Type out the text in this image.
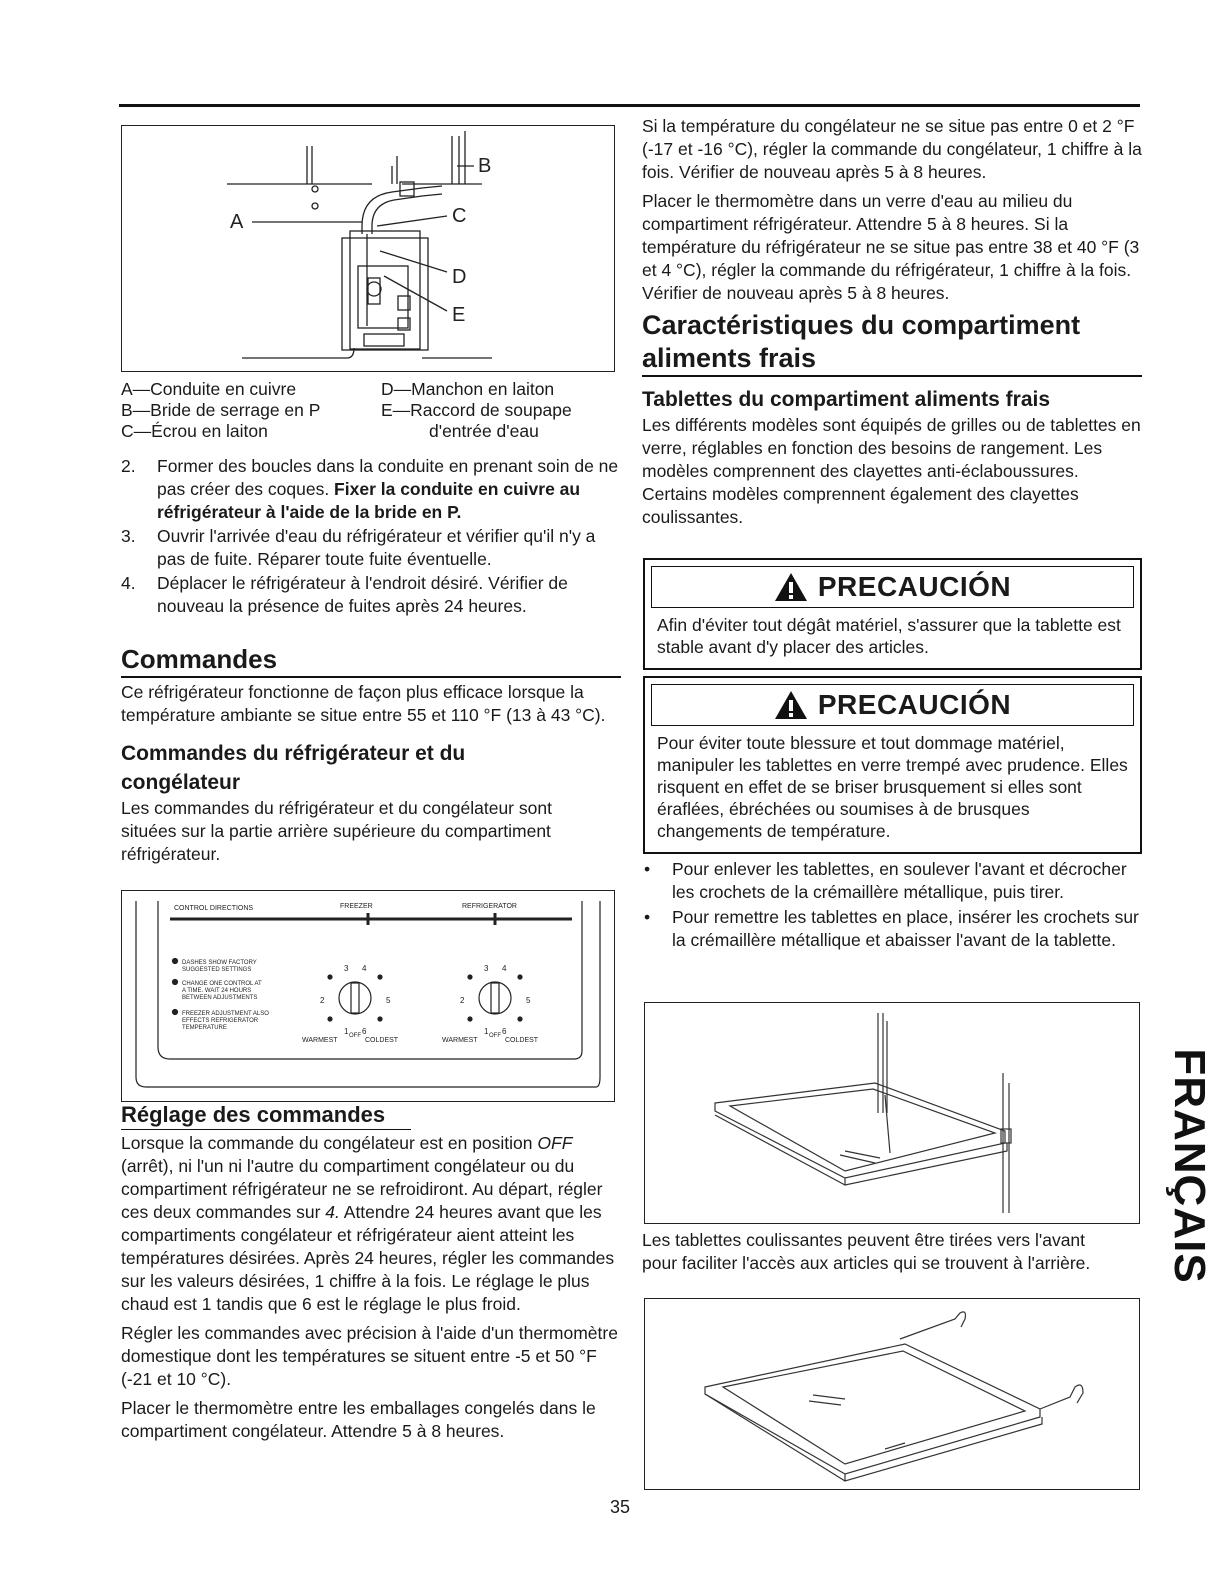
A
B
C
D
E

A—Conduite en cuivre

B—Bride de serrage en P

C—Écrou en laiton

D—Manchon en laiton

E—Raccord de soupape

d'entrée d'eau

2. Former des boucles dans la conduite en prenant soin de ne pas créer des coques. Fixer la conduite en cuivre au réfrigérateur à l'aide de la bride en P.
3. Ouvrir l'arrivée d'eau du réfrigérateur et vérifier qu'il n'y a pas de fuite. Réparer toute fuite éventuelle.
4. Déplacer le réfrigérateur à l'endroit désiré. Vérifier de nouveau la présence de fuites après 24 heures.
Commandes

Ce réfrigérateur fonctionne de façon plus efficace lorsque la température ambiante se situe entre 55 et 110 °F (13 à 43 °C).

Commandes du réfrigérateur et du congélateur

Les commandes du réfrigérateur et du congélateur sont situées sur la partie arrière supérieure du compartiment réfrigérateur.

CONTROL DIRECTIONS	FREEZER	REFRIGERATOR
DASHES SHOW FACTORY
SUGGESTED SETTINGS
CHANGE ONE CONTROL AT
A TIME. WAIT 24 HOURS
BETWEEN ADJUSTMENTS
FREEZER ADJUSTMENT ALSO
EFFECTS REFRIGERATOR
TEMPERATURE
3 4
2	5
1 6
WARMEST
OFF
COLDEST
3 4
2	5
1 6
WARMEST
OFF
COLDEST
Réglage des commandes

Lorsque la commande du congélateur est en position OFF (arrêt), ni l'un ni l'autre du compartiment congélateur ou du compartiment réfrigérateur ne se refroidiront. Au départ, régler ces deux commandes sur 4. Attendre 24 heures avant que les compartiments congélateur et réfrigérateur aient atteint les températures désirées. Après 24 heures, régler les commandes sur les valeurs désirées, 1 chiffre à la fois. Le réglage le plus chaud est 1 tandis que 6 est le réglage le plus froid.

Régler les commandes avec précision à l'aide d'un thermomètre domestique dont les températures se situent entre -5 et 50 °F (-21 et 10 °C).

Placer le thermomètre entre les emballages congelés dans le compartiment congélateur. Attendre 5 à 8 heures.

Si la température du congélateur ne se situe pas entre 0 et 2 °F (-17 et -16 °C), régler la commande du congélateur, 1 chiffre à la fois. Vérifier de nouveau après 5 à 8 heures.

Placer le thermomètre dans un verre d'eau au milieu du compartiment réfrigérateur. Attendre 5 à 8 heures. Si la température du réfrigérateur ne se situe pas entre 38 et 40 °F (3 et 4 °C), régler la commande du réfrigérateur, 1 chiffre à la fois. Vérifier de nouveau après 5 à 8 heures.

Caractéristiques du compartiment aliments frais
Tablettes du compartiment aliments frais

Les différents modèles sont équipés de grilles ou de tablettes en verre, réglables en fonction des besoins de rangement. Les modèles comprennent des clayettes anti-éclaboussures. Certains modèles comprennent également des clayettes coulissantes.

PRECAUCIÓN
Afin d'éviter tout dégât matériel, s'assurer que la tablette est stable avant d'y placer des articles.
PRECAUCIÓN
Pour éviter toute blessure et tout dommage matériel, manipuler les tablettes en verre trempé avec prudence. Elles risquent en effet de se briser brusquement si elles sont éraflées, ébréchées ou soumises à de brusques changements de température.
• Pour enlever les tablettes, en soulever l'avant et décrocher les crochets de la crémaillère métallique, puis tirer.
• Pour remettre les tablettes en place, insérer les crochets sur la crémaillère métallique et abaisser l'avant de la tablette.
Les tablettes coulissantes peuvent être tirées vers l'avant pour faciliter l'accès aux articles qui se trouvent à l'arrière.	FRANÇAIS
35
